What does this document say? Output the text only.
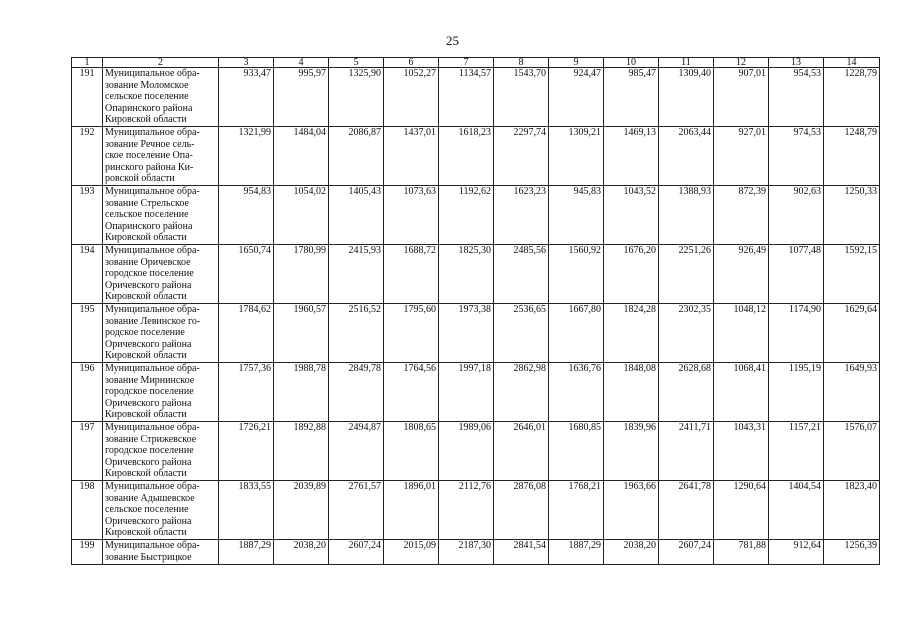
25
1	2	3	4	5	6	7	8	9	10	11	12	13	14
191	Муниципальное обра-
зование Моломское
сельское поселение
Опаринского района
Кировской области	933,47	995,97	1325,90	1052,27	1134,57	1543,70	924,47	985,47	1309,40	907,01	954,53	1228,79
192	Муниципальное обра-
зование Речное сель-
ское поселение Опа-
ринского района Ки-
ровской области	1321,99	1484,04	2086,87	1437,01	1618,23	2297,74	1309,21	1469,13	2063,44	927,01	974,53	1248,79
193	Муниципальное обра-
зование Стрельское
сельское поселение
Опаринского района
Кировской области	954,83	1054,02	1405,43	1073,63	1192,62	1623,23	945,83	1043,52	1388,93	872,39	902,63	1250,33
194	Муниципальное обра-
зование Оричевское
городское поселение
Оричевского района
Кировской области	1650,74	1780,99	2415,93	1688,72	1825,30	2485,56	1560,92	1676,20	2251,26	926,49	1077,48	1592,15
195	Муниципальное обра-
зование Левинское го-
родское поселение
Оричевского района
Кировской области	1784,62	1960,57	2516,52	1795,60	1973,38	2536,65	1667,80	1824,28	2302,35	1048,12	1174,90	1629,64
196	Муниципальное обра-
зование Мирнинское
городское поселение
Оричевского района
Кировской области	1757,36	1988,78	2849,78	1764,56	1997,18	2862,98	1636,76	1848,08	2628,68	1068,41	1195,19	1649,93
197	Муниципальное обра-
зование Стрижевское
городское поселение
Оричевского района
Кировской области	1726,21	1892,88	2494,87	1808,65	1989,06	2646,01	1680,85	1839,96	2411,71	1043,31	1157,21	1576,07
198	Муниципальное обра-
зование Адышевское
сельское поселение
Оричевского района
Кировской области	1833,55	2039,89	2761,57	1896,01	2112,76	2876,08	1768,21	1963,66	2641,78	1290,64	1404,54	1823,40
199	Муниципальное обра-
зование Быстрицкое	1887,29	2038,20	2607,24	2015,09	2187,30	2841,54	1887,29	2038,20	2607,24	781,88	912,64	1256,39
